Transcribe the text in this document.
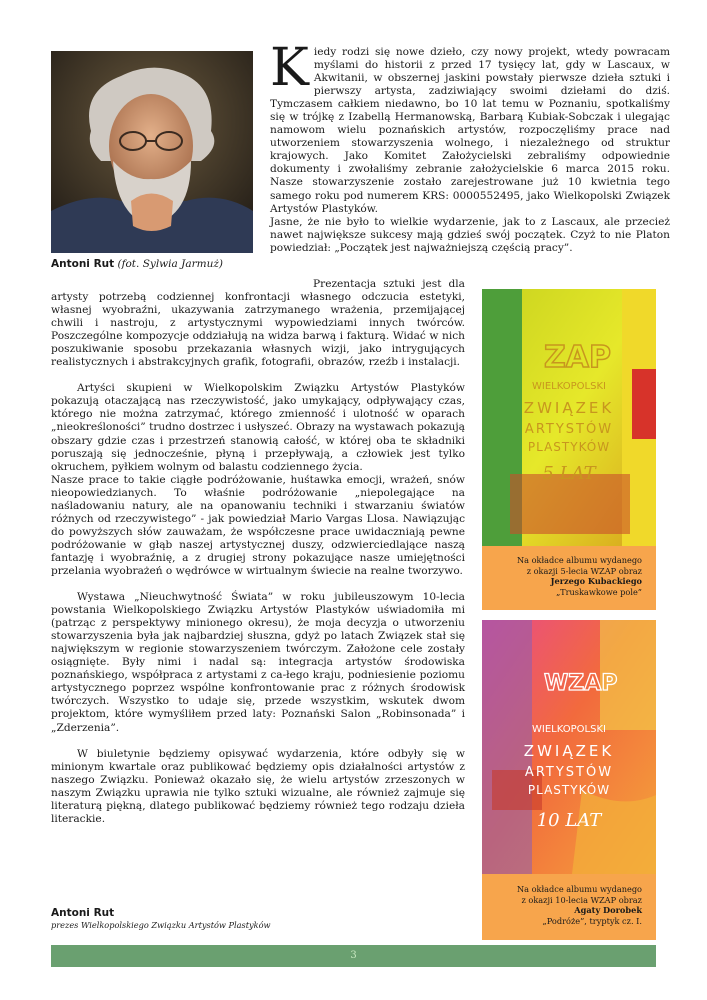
Antoni Rut (fot. Sylwia Jarmuż)
K iedy rodzi się nowe dzieło, czy nowy projekt, wtedy powracam myślami do historii z przed 17 tysięcy lat, gdy w Lascaux, w Akwitanii, w obszernej jaskini powstały pierwsze dzieła sztuki i pierwszy artysta, zadziwiający swoimi dziełami do dziś. Tymczasem całkiem niedawno, bo 10 lat temu w Poznaniu, spotkaliśmy się w trójkę z Izabellą Hermanowską, Barbarą Kubiak-Sobczak i ulegając namowom wielu poznańskich artystów, rozpoczęliśmy prace nad utworzeniem stowarzyszenia wolnego, i niezależnego od struktur krajowych. Jako Komitet Założycielski zebraliśmy odpowiednie dokumenty i zwołaliśmy zebranie założycielskie 6 marca 2015 roku. Nasze stowarzyszenie zostało zarejestrowane już 10 kwietnia tego samego roku pod numerem KRS: 0000552495, jako Wielkopolski Związek Artystów Plastyków.
Jasne, że nie było to wielkie wydarzenie, jak to z Lascaux, ale przecież nawet największe sukcesy mają gdzieś swój początek. Czyż to nie Platon powiedział: „Początek jest najważniejszą częścią pracy”.

Prezentacja sztuki jest dla artysty potrzebą codziennej konfrontacji własnego odczucia estetyki, własnej wyobraźni, ukazywania zatrzymanego wrażenia, przemijającej chwili i nastroju, z artystycznymi wypowiedziami innych twórców. Poszczególne kompozycje oddziałują na widza barwą i fakturą. Widać w nich poszukiwanie sposobu przekazania własnych wizji, jako intrygujących realistycznych i abstrakcyjnych grafik, fotografii, obrazów, rzeźb i instalacji.

Artyści skupieni w Wielkopolskim Związku Artystów Plastyków pokazują otaczającą nas rzeczywistość, jako umykający, odpływający czas, którego nie można zatrzymać, którego zmienność i ulotność w oparach „nieokreśloności” trudno dostrzec i usłyszeć. Obrazy na wystawach pokazują obszary gdzie czas i przestrzeń stanowią całość, w której oba te składniki poruszają się jednocześnie, płyną i przepływają, a człowiek jest tylko okruchem, pyłkiem wolnym od balastu codziennego życia.

Nasze prace to takie ciągłe podróżowanie, huśtawka emocji, wrażeń, snów nieopowiedzianych. To właśnie podróżowanie „niepolegające na naśladowaniu natury, ale na opanowaniu techniki i stwarzaniu światów różnych od rzeczywistego” - jak powiedział Mario Vargas Llosa. Nawiązując do powyższych słów zauważam, że współczesne prace uwidaczniają pewne podróżowanie w głąb naszej artystycznej duszy, odzwierciedlające naszą fantazję i wyobraźnię, a z drugiej strony pokazujące nasze umiejętności przelania wyobrażeń o wędrówce w wirtualnym świecie na realne tworzywo.

Wystawa „Nieuchwytność Świata” w roku jubileuszowym 10-lecia powstania Wielkopolskiego Związku Artystów Plastyków uświadomiła mi (patrząc z perspektywy minionego okresu), że moja decyzja o utworzeniu stowarzyszenia była jak najbardziej słuszna, gdyż po latach Związek stał się największym w regionie stowarzyszeniem twórczym. Założone cele zostały osiągnięte. Były nimi i nadal są: integracja artystów środowiska poznańskiego, współpraca z artystami z ca-łego kraju, podniesienie poziomu artystycznego poprzez wspólne konfrontowanie prac z różnych środowisk twórczych. Wszystko to udaje się, przede wszystkim, wskutek dwom projektom, które wymyśliłem przed laty: Poznański Salon „Robinsonada” i „Zderzenia”.

W biuletynie będziemy opisywać wydarzenia, które odbyły się w minionym kwartale oraz publikować będziemy opis działalności artystów z naszego Związku. Ponieważ okazało się, że wielu artystów zrzeszonych w naszym Związku uprawia nie tylko sztuki wizualne, ale również zajmuje się literaturą piękną, dlatego publikować będziemy również tego rodzaju dzieła literackie.

Antoni Rut
prezes Wielkopolskiego Związku Artystów Plastyków
ZAP
WIELKOPOLSKI
ZWIĄZEK
ARTYSTÓW
PLASTYKÓW
5 LAT
Na okładce albumu wydanego
z okazji 5-lecia WZAP obraz
Jerzego Kubackiego
„Truskawkowe pole”
WZAP
WIELKOPOLSKI
ZWIĄZEK
ARTYSTÓW
PLASTYKÓW
10 LAT
Na okładce albumu wydanego
z okazji 10-lecia WZAP obraz
Agaty Dorobek
„Podróże”, tryptyk cz. I.
3
